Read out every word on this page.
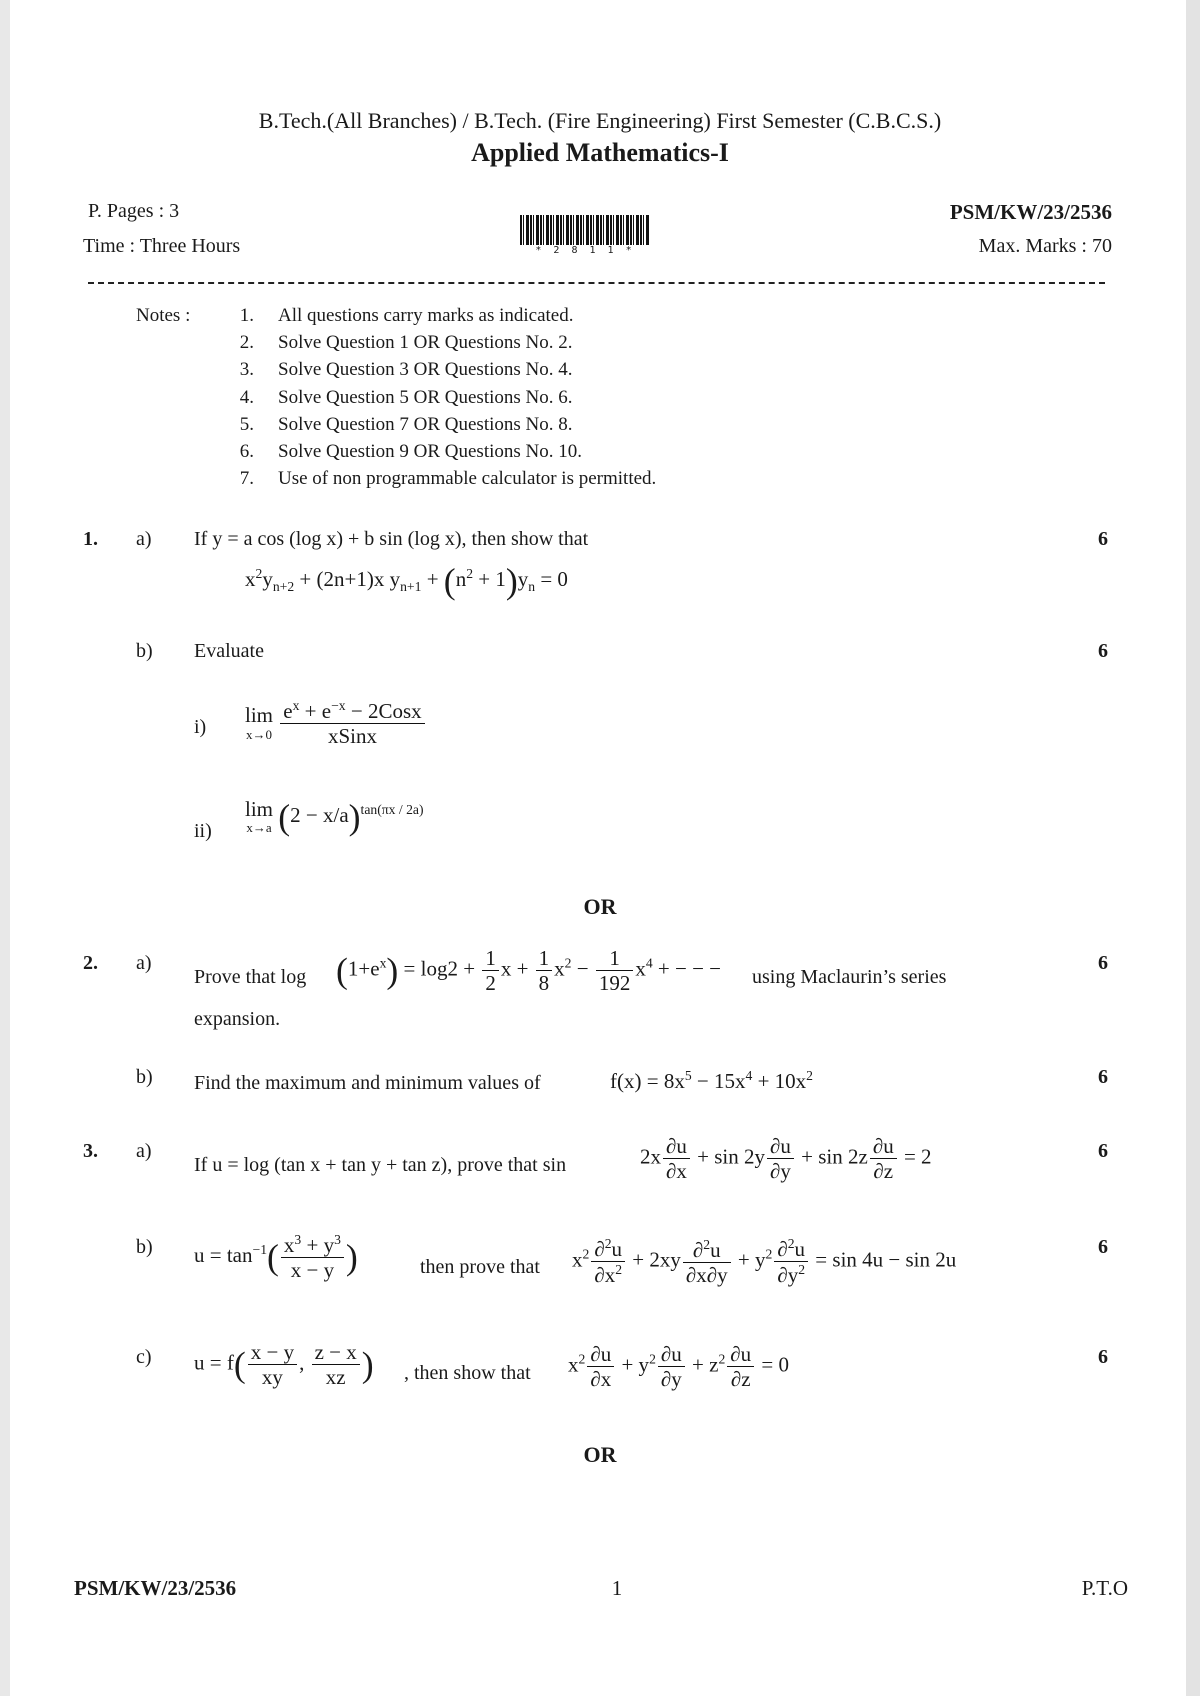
B.Tech.(All Branches) / B.Tech. (Fire Engineering) First Semester (C.B.C.S.)
Applied Mathematics-I
P. Pages : 3
Time : Three Hours
PSM/KW/23/2536
Max. Marks : 70
* 2 8 1 1 *
Notes :	1. All questions carry marks as indicated.
2. Solve Question 1 OR Questions No. 2.
3. Solve Question 3 OR Questions No. 4.
4. Solve Question 5 OR Questions No. 6.
5. Solve Question 7 OR Questions No. 8.
6. Solve Question 9 OR Questions No. 10.
7. Use of non programmable calculator is permitted.
1. a) If y = a cos (log x) + b sin (log x), then show that	6
$x^2y_{n+2} + (2n+1)x$ $y_{n+1} + (n^2 + 1)y_n = 0$
b) Evaluate	6
i) lim
x→0
$\frac{e^x + e^{-x} - 2Cosx}{\text{xSinx}}$
ii)
lim
x→a $(2 - x/a)^{tan(\pi x / 2a)}$
OR
2. a)
Prove that $\log (1+e^x) = \log 2 + \frac{1}{2}$ $x + \frac{1}{8} x^2 - \frac{1}{192} x^4$ + − − − using Maclaurin’s series
6
expansion.
b) Find the maximum and minimum values of	$f(x) = 8x^5 - 15x^4 + 10x^2$	6
3. a)
If u = log (tan x + tan y + tan z), prove that sin	$2x \frac{\partial u}{\partial x} + \sin 2y \frac{\partial u}{\partial y} + \sin 2z \frac{\partial u}{\partial z} = 2$	6
b) $u = \tan^{-1}( \frac{x^3 + y^3}{x - y}$ )	then prove that $x^2 \frac{\partial^2u}{\partial x^2} + 2xy \frac{\partial^2u}{\partial x\partial y} + y^2 \frac{\partial^2u}{\partial y^2} = \sin 4u - \sin 2u$
6
c) $u = f( \frac{x - y}{xy}$ , $\frac{z - x}{xz}$ ) , then show that $x^2 \frac{\partial u}{\partial x} + y^2 \frac{\partial u}{\partial y} + z^2 \frac{\partial u}{\partial z} = 0$	6
OR
PSM/KW/23/2536	1	P.T.O
